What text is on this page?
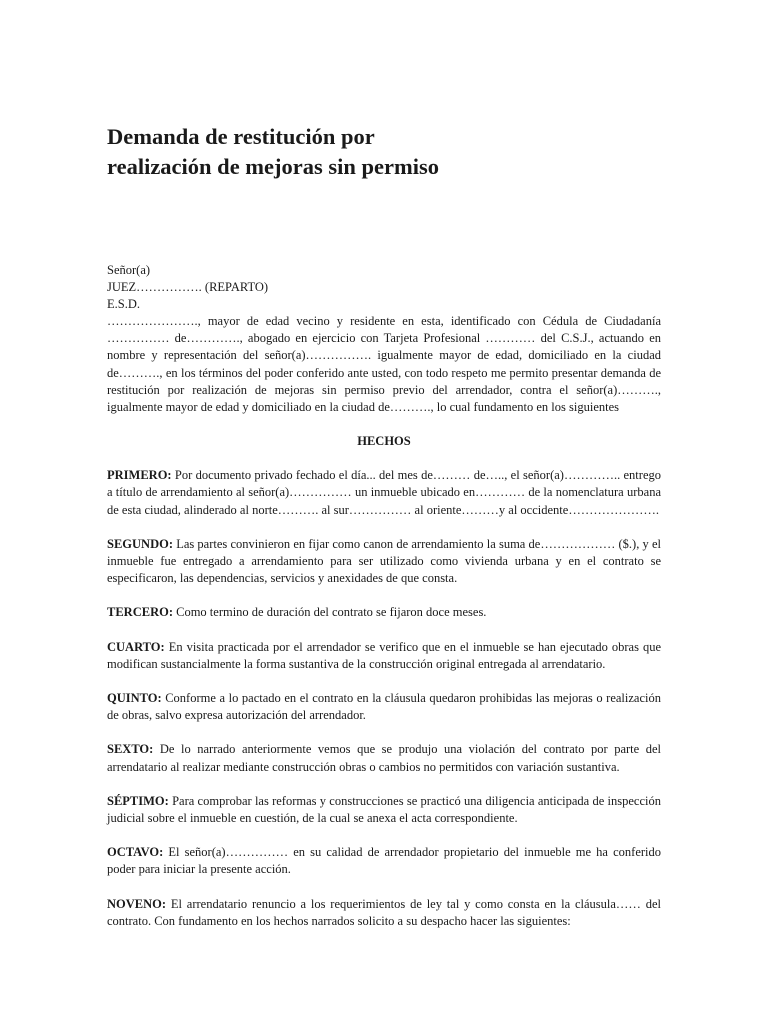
Demanda de restitución por
realización de mejoras sin permiso
Señor(a)
JUEZ……………. (REPARTO)
E.S.D.

…………………., mayor de edad vecino y residente en esta, identificado con Cédula de Ciudadanía …………… de…………., abogado en ejercicio con Tarjeta Profesional ………… del C.S.J., actuando en nombre y representación del señor(a)……………. igualmente mayor de edad, domiciliado en la ciudad de………., en los términos del poder conferido ante usted, con todo respeto me permito presentar demanda de restitución por realización de mejoras sin permiso previo del arrendador, contra el señor(a)………., igualmente mayor de edad y domiciliado en la ciudad de………., lo cual fundamento en los siguientes

HECHOS

PRIMERO: Por documento privado fechado el día... del mes de……… de….., el señor(a)………….. entrego a título de arrendamiento al señor(a)…………… un inmueble ubicado en………… de la nomenclatura urbana de esta ciudad, alinderado al norte………. al sur…………… al oriente………y al occidente………………….

SEGUNDO: Las partes convinieron en fijar como canon de arrendamiento la suma de……………… ($.), y el inmueble fue entregado a arrendamiento para ser utilizado como vivienda urbana y en el contrato se especificaron, las dependencias, servicios y anexidades de que consta.

TERCERO: Como termino de duración del contrato se fijaron doce meses.

CUARTO: En visita practicada por el arrendador se verifico que en el inmueble se han ejecutado obras que modifican sustancialmente la forma sustantiva de la construcción original entregada al arrendatario.

QUINTO: Conforme a lo pactado en el contrato en la cláusula quedaron prohibidas las mejoras o realización de obras, salvo expresa autorización del arrendador.

SEXTO: De lo narrado anteriormente vemos que se produjo una violación del contrato por parte del arrendatario al realizar mediante construcción obras o cambios no permitidos con variación sustantiva.

SÉPTIMO: Para comprobar las reformas y construcciones se practicó una diligencia anticipada de inspección judicial sobre el inmueble en cuestión, de la cual se anexa el acta correspondiente.

OCTAVO: El señor(a)…………… en su calidad de arrendador propietario del inmueble me ha conferido poder para iniciar la presente acción.

NOVENO: El arrendatario renuncio a los requerimientos de ley tal y como consta en la cláusula…… del contrato. Con fundamento en los hechos narrados solicito a su despacho hacer las siguientes:
